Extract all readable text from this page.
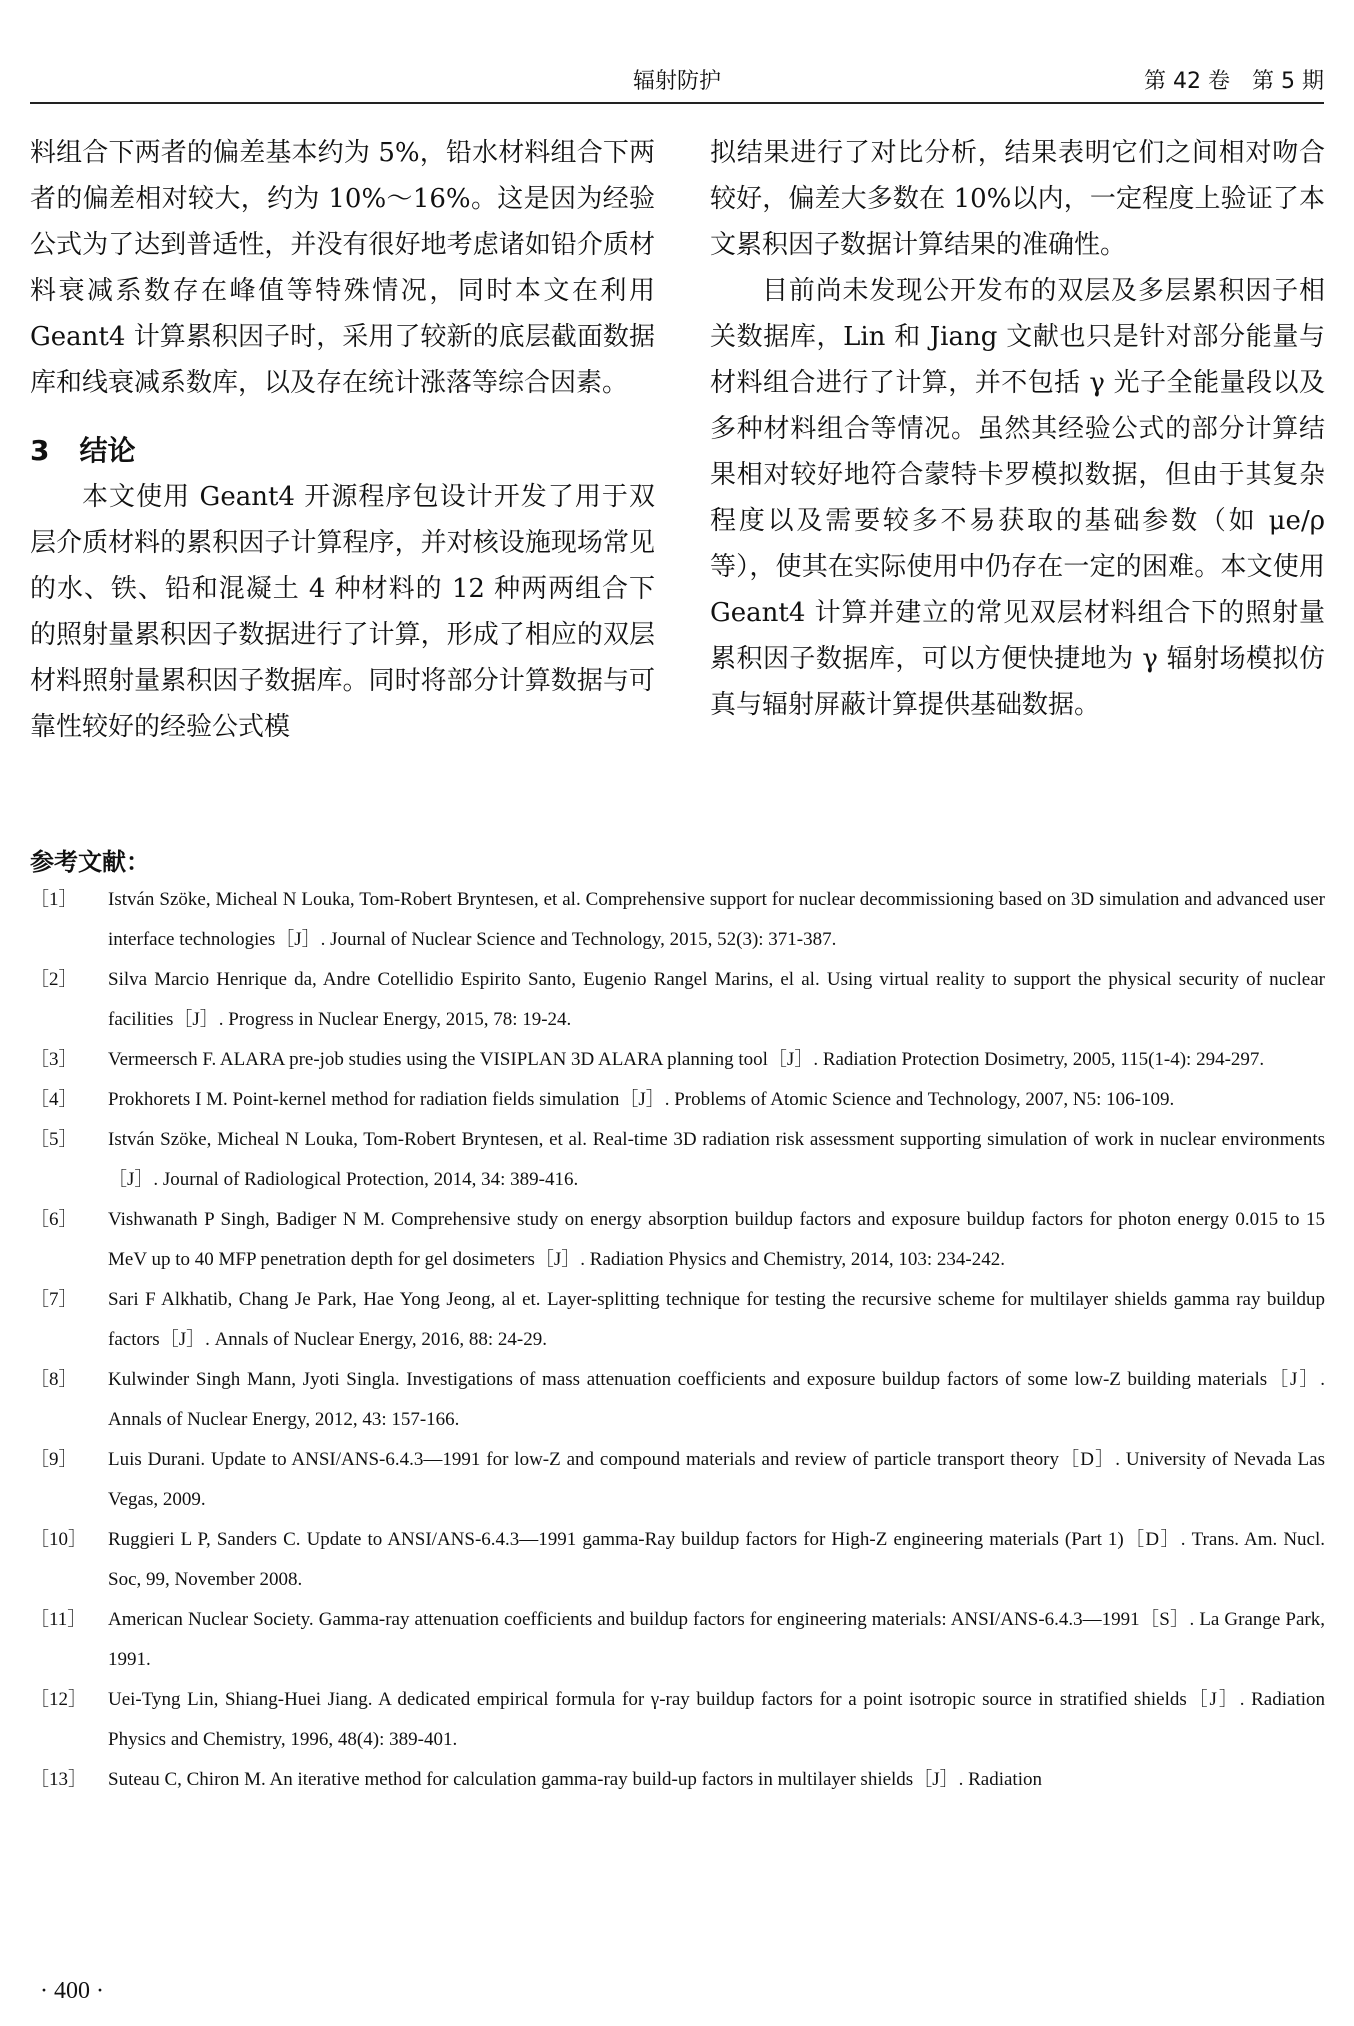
辐射防护	第 42 卷　第 5 期

料组合下两者的偏差基本约为 5%，铅水材料组合下两者的偏差相对较大，约为 10%～16%。这是因为经验公式为了达到普适性，并没有很好地考虑诸如铅介质材料衰减系数存在峰值等特殊情况，同时本文在利用 Geant4 计算累积因子时，采用了较新的底层截面数据库和线衰减系数库，以及存在统计涨落等综合因素。

3 结论

本文使用 Geant4 开源程序包设计开发了用于双层介质材料的累积因子计算程序，并对核设施现场常见的水、铁、铅和混凝土 4 种材料的 12 种两两组合下的照射量累积因子数据进行了计算，形成了相应的双层材料照射量累积因子数据库。同时将部分计算数据与可靠性较好的经验公式模

拟结果进行了对比分析，结果表明它们之间相对吻合较好，偏差大多数在 10%以内，一定程度上验证了本文累积因子数据计算结果的准确性。

目前尚未发现公开发布的双层及多层累积因子相关数据库，Lin 和 Jiang 文献也只是针对部分能量与材料组合进行了计算，并不包括 γ 光子全能量段以及多种材料组合等情况。虽然其经验公式的部分计算结果相对较好地符合蒙特卡罗模拟数据，但由于其复杂程度以及需要较多不易获取的基础参数（如 μe/ρ 等），使其在实际使用中仍存在一定的困难。本文使用 Geant4 计算并建立的常见双层材料组合下的照射量累积因子数据库，可以方便快捷地为 γ 辐射场模拟仿真与辐射屏蔽计算提供基础数据。

参考文献：
［1］	István Szöke, Micheal N Louka, Tom-Robert Bryntesen, et al. Comprehensive support for nuclear decommissioning based on 3D simulation and advanced user interface technologies［J］. Journal of Nuclear Science and Technology, 2015, 52(3): 371-387.
［2］	Silva Marcio Henrique da, Andre Cotellidio Espirito Santo, Eugenio Rangel Marins, el al. Using virtual reality to support the physical security of nuclear facilities［J］. Progress in Nuclear Energy, 2015, 78: 19-24.
［3］	Vermeersch F. ALARA pre-job studies using the VISIPLAN 3D ALARA planning tool［J］. Radiation Protection Dosimetry, 2005, 115(1-4): 294-297.
［4］	Prokhorets I M. Point-kernel method for radiation fields simulation［J］. Problems of Atomic Science and Technology, 2007, N5: 106-109.
［5］	István Szöke, Micheal N Louka, Tom-Robert Bryntesen, et al. Real-time 3D radiation risk assessment supporting simulation of work in nuclear environments［J］. Journal of Radiological Protection, 2014, 34: 389-416.
［6］	Vishwanath P Singh, Badiger N M. Comprehensive study on energy absorption buildup factors and exposure buildup factors for photon energy 0.015 to 15 MeV up to 40 MFP penetration depth for gel dosimeters［J］. Radiation Physics and Chemistry, 2014, 103: 234-242.
［7］	Sari F Alkhatib, Chang Je Park, Hae Yong Jeong, al et. Layer-splitting technique for testing the recursive scheme for multilayer shields gamma ray buildup factors［J］. Annals of Nuclear Energy, 2016, 88: 24-29.
［8］	Kulwinder Singh Mann, Jyoti Singla. Investigations of mass attenuation coefficients and exposure buildup factors of some low-Z building materials［J］. Annals of Nuclear Energy, 2012, 43: 157-166.
［9］	Luis Durani. Update to ANSI/ANS-6.4.3—1991 for low-Z and compound materials and review of particle transport theory［D］. University of Nevada Las Vegas, 2009.
［10］	Ruggieri L P, Sanders C. Update to ANSI/ANS-6.4.3—1991 gamma-Ray buildup factors for High-Z engineering materials (Part 1)［D］. Trans. Am. Nucl. Soc, 99, November 2008.
［11］	American Nuclear Society. Gamma-ray attenuation coefficients and buildup factors for engineering materials: ANSI/ANS-6.4.3—1991［S］. La Grange Park, 1991.
［12］	Uei-Tyng Lin, Shiang-Huei Jiang. A dedicated empirical formula for γ-ray buildup factors for a point isotropic source in stratified shields［J］. Radiation Physics and Chemistry, 1996, 48(4): 389-401.
［13］	Suteau C, Chiron M. An iterative method for calculation gamma-ray build-up factors in multilayer shields［J］. Radiation
· 400 ·
